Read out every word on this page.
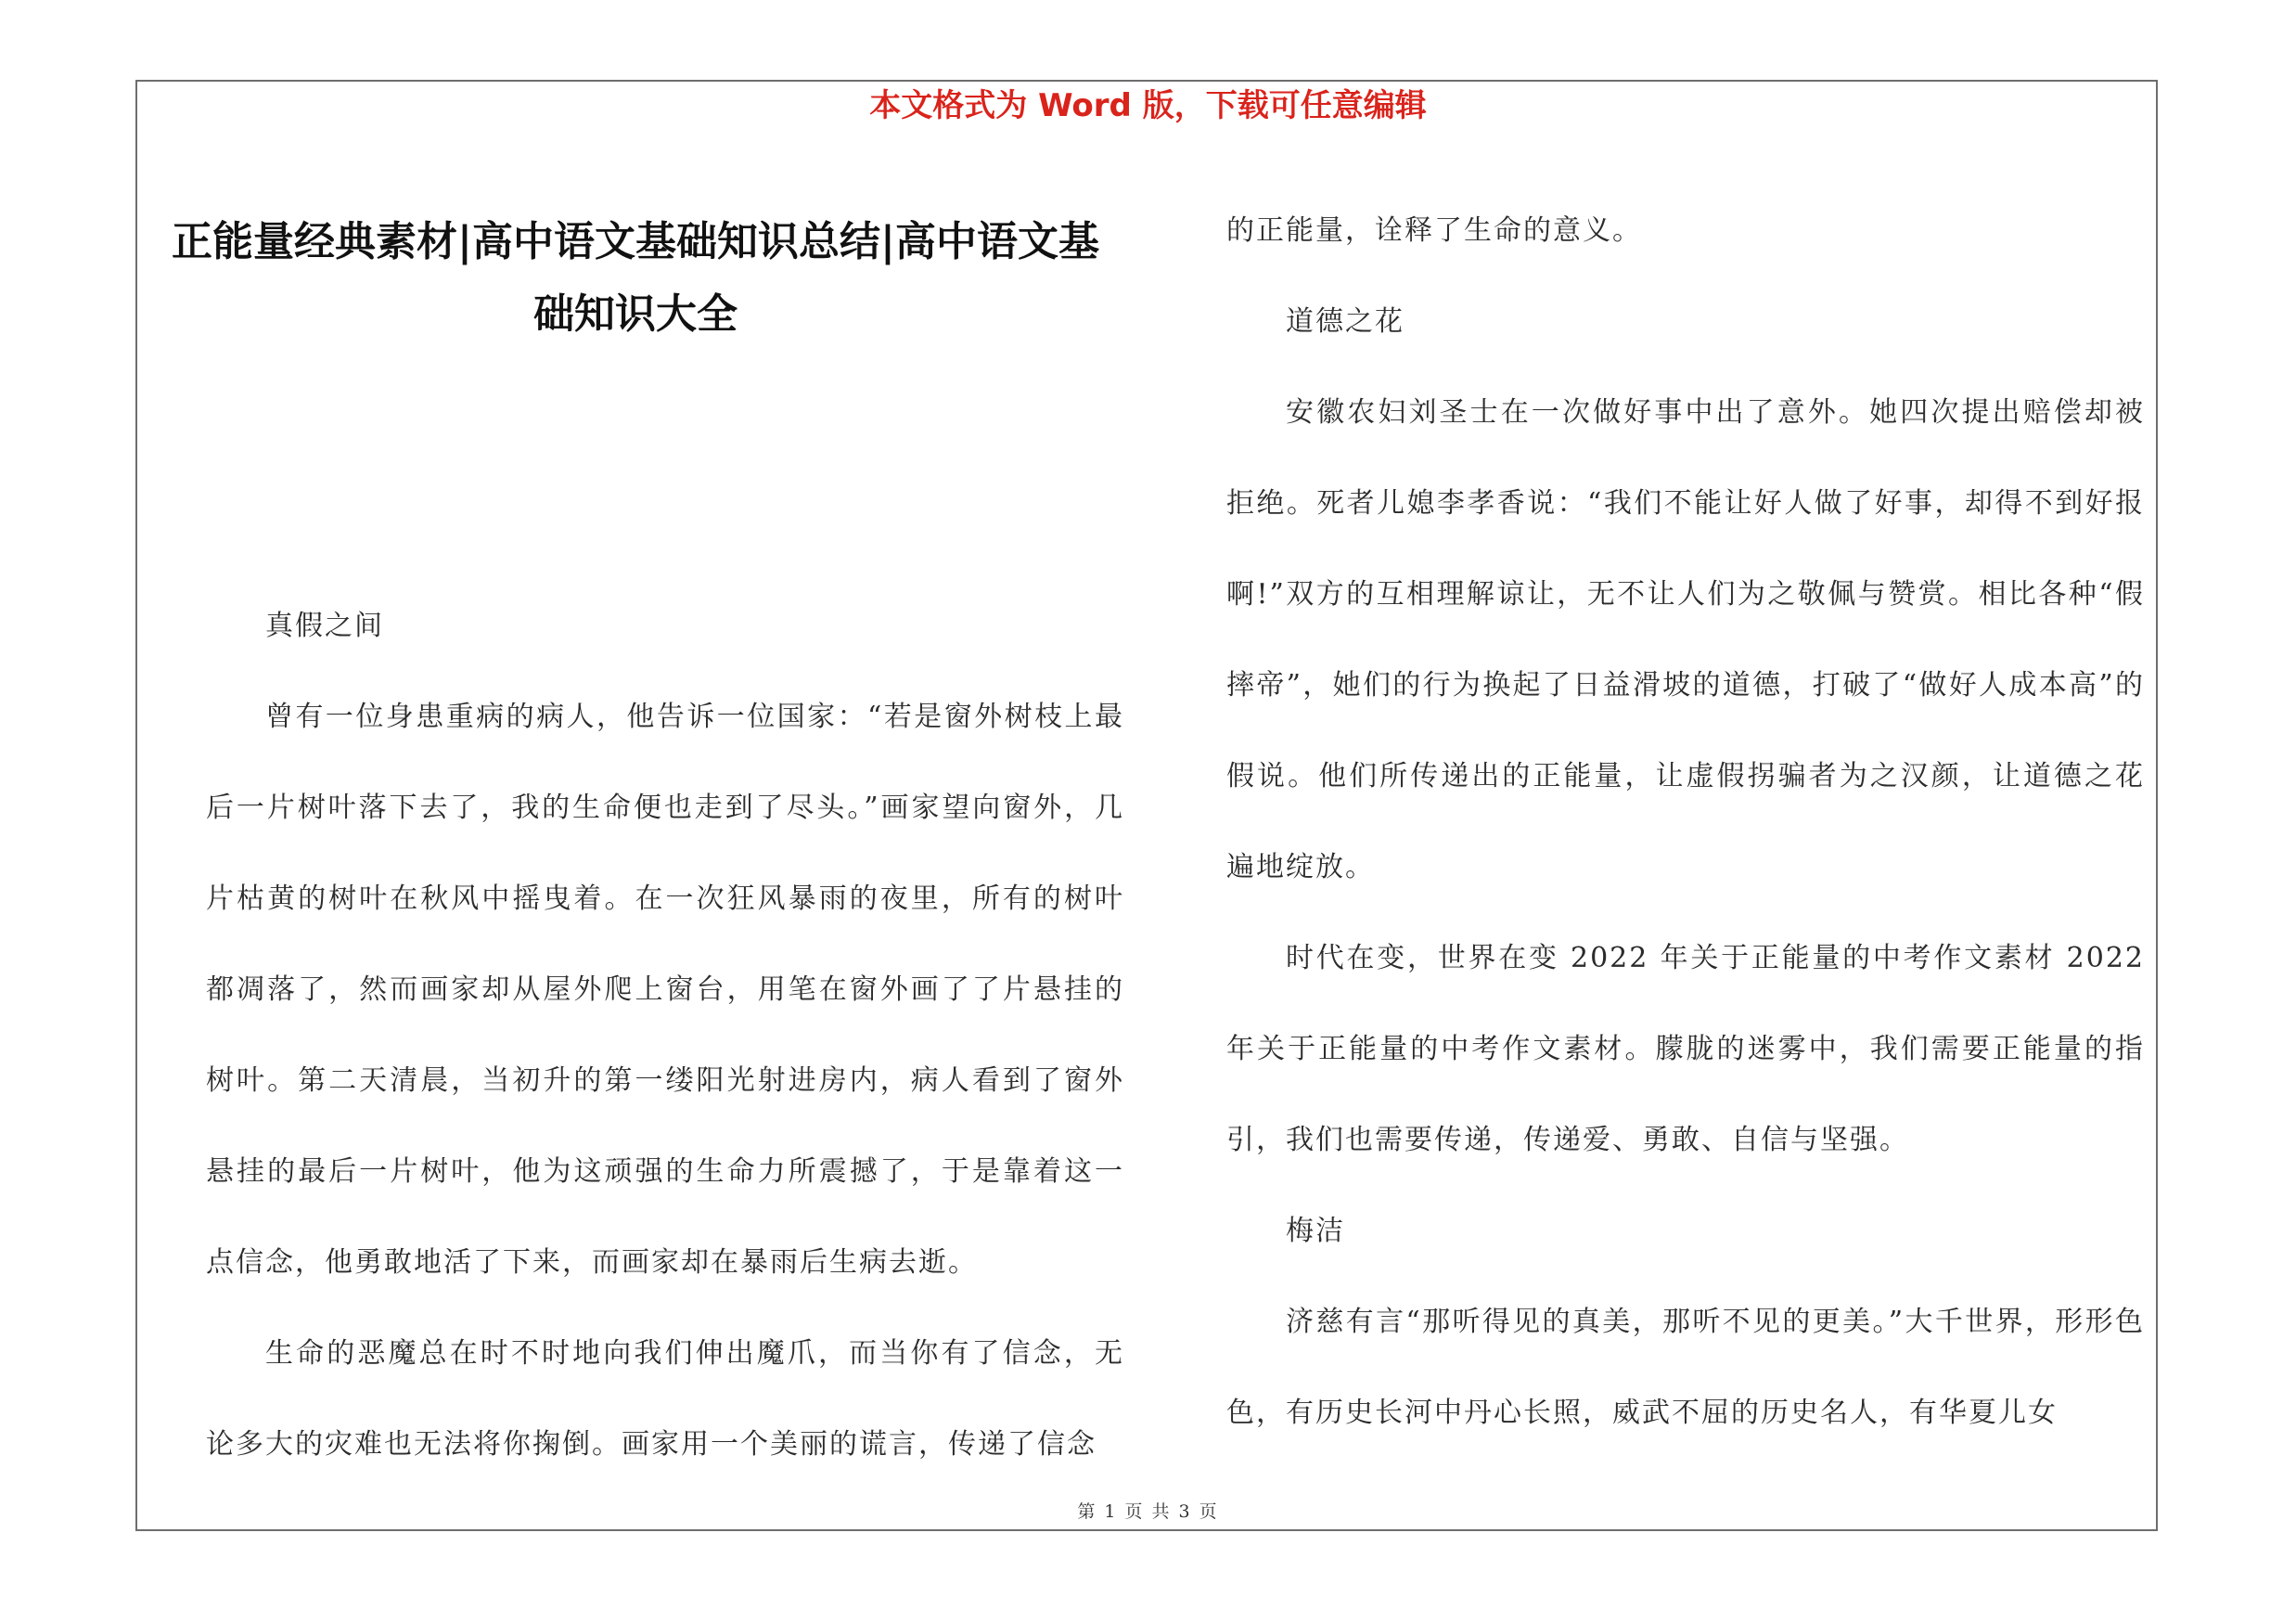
本文格式为 Word 版，下载可任意编辑
正能量经典素材|高中语文基础知识总结|高中语文基
础知识大全

真假之间

曾有一位身患重病的病人，他告诉一位国家：“若是窗外树枝上最后一片树叶落下去了，我的生命便也走到了尽头。”画家望向窗外，几片枯黄的树叶在秋风中摇曳着。在一次狂风暴雨的夜里，所有的树叶都凋落了，然而画家却从屋外爬上窗台，用笔在窗外画了了片悬挂的树叶。第二天清晨，当初升的第一缕阳光射进房内，病人看到了窗外悬挂的最后一片树叶，他为这顽强的生命力所震撼了，于是靠着这一点信念，他勇敢地活了下来，而画家却在暴雨后生病去逝。

生命的恶魔总在时不时地向我们伸出魔爪，而当你有了信念，无论多大的灾难也无法将你掬倒。画家用一个美丽的谎言，传递了信念

的正能量，诠释了生命的意义。

道德之花

安徽农妇刘圣士在一次做好事中出了意外。她四次提出赔偿却被拒绝。死者儿媳李孝香说：“我们不能让好人做了好事，却得不到好报啊!”双方的互相理解谅让，无不让人们为之敬佩与赞赏。相比各种“假摔帝”，她们的行为换起了日益滑坡的道德，打破了“做好人成本高”的假说。他们所传递出的正能量，让虚假拐骗者为之汉颜，让道德之花遍地绽放。

时代在变，世界在变 2022 年关于正能量的中考作文素材 2022 年关于正能量的中考作文素材。朦胧的迷雾中，我们需要正能量的指引，我们也需要传递，传递爱、勇敢、自信与坚强。

梅洁

济慈有言“那听得见的真美，那听不见的更美。”大千世界，形形色色，有历史长河中丹心长照，威武不屈的历史名人，有华夏儿女

第 1 页 共 3 页
